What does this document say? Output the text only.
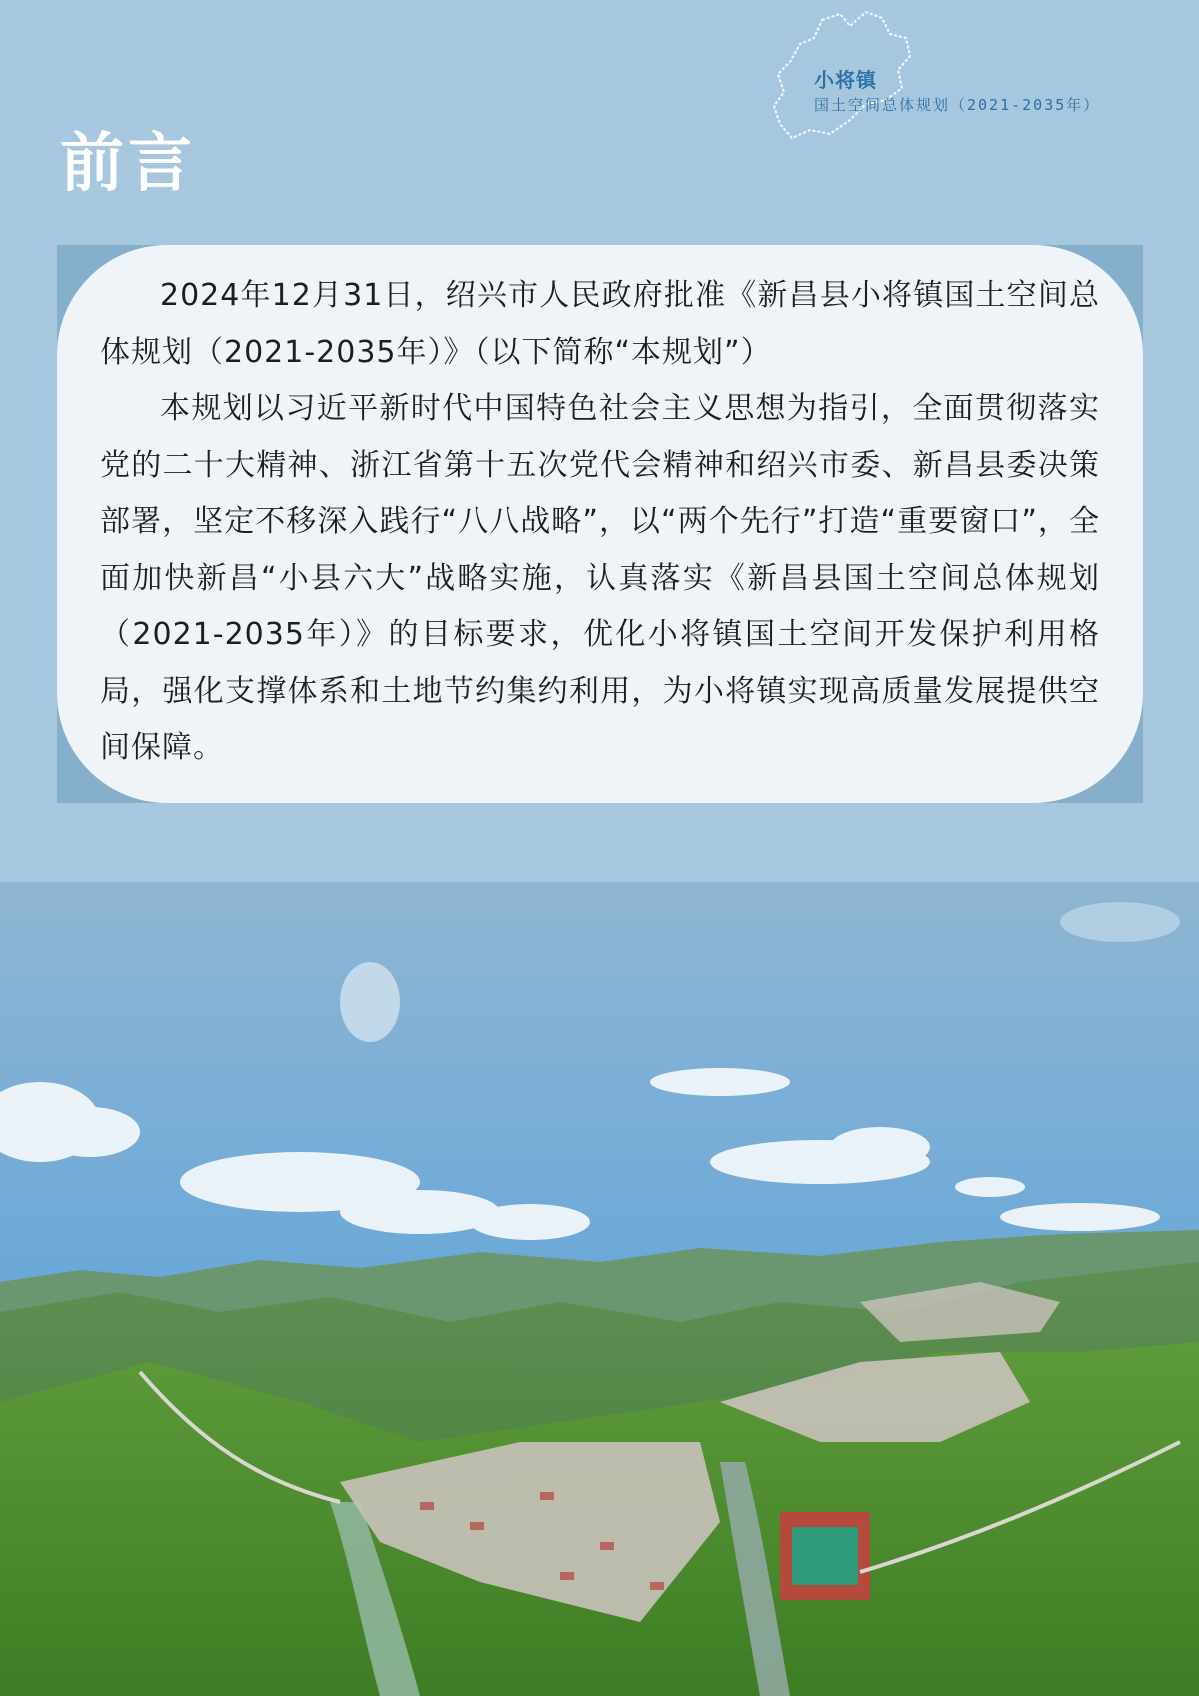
小将镇
国土空间总体规划（2021-2035年）
前言

2024年12月31日，绍兴市人民政府批准《新昌县小将镇国土空间总体规划（2021-2035年）》（以下简称“本规划”）

本规划以习近平新时代中国特色社会主义思想为指引，全面贯彻落实党的二十大精神、浙江省第十五次党代会精神和绍兴市委、新昌县委决策部署，坚定不移深入践行“八八战略”，以“两个先行”打造“重要窗口”，全面加快新昌“小县六大”战略实施，认真落实《新昌县国土空间总体规划（2021-2035年）》的目标要求，优化小将镇国土空间开发保护利用格局，强化支撑体系和土地节约集约利用，为小将镇实现高质量发展提供空间保障。
